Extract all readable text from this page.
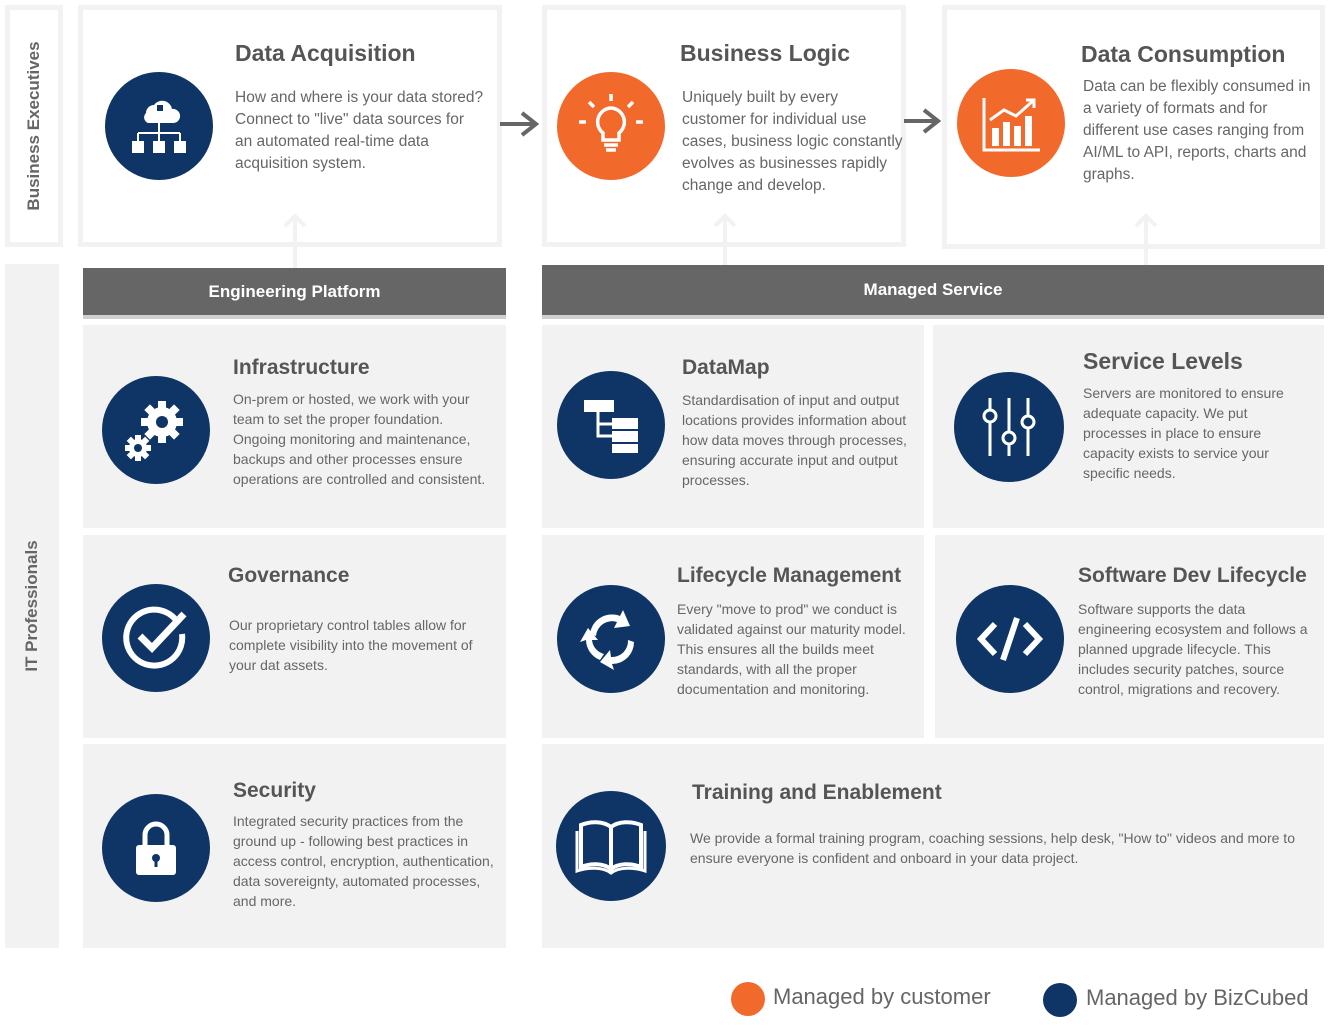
Business Executives
IT Professionals
Data Acquisition
How and where is your data stored?
Connect to "live" data sources for an automated real-time data acquisition system.
Business Logic
Uniquely built by every customer for individual use cases, business logic constantly evolves as businesses rapidly change and develop.
Data Consumption
Data can be flexibly consumed in a variety of formats and for different use cases ranging from AI/ML to API, reports, charts and graphs.
Engineering Platform	Managed Service
Infrastructure
On-prem or hosted, we work with your team to set the proper foundation. Ongoing monitoring and maintenance, backups and other processes ensure operations are controlled and consistent.
DataMap
Standardisation of input and output locations provides information about how data moves through processes, ensuring accurate input and output processes.
Service Levels
Servers are monitored to ensure adequate capacity. We put processes in place to ensure capacity exists to service your specific needs.
Governance
Our proprietary control tables allow for complete visibility into the movement of your dat assets.
Lifecycle Management
Every "move to prod" we conduct is validated against our maturity model. This ensures all the builds meet standards, with all the proper documentation and monitoring.
Software Dev Lifecycle
Software supports the data engineering ecosystem and follows a planned upgrade lifecycle. This includes security patches, source control, migrations and recovery.
Security
Integrated security practices from the ground up - following best practices in access control, encryption, authentication, data sovereignty, automated processes, and more.
Training and Enablement
We provide a formal training program, coaching sessions, help desk, "How to" videos and more to ensure everyone is confident and onboard in your data project.
Managed by customer	Managed by BizCubed
